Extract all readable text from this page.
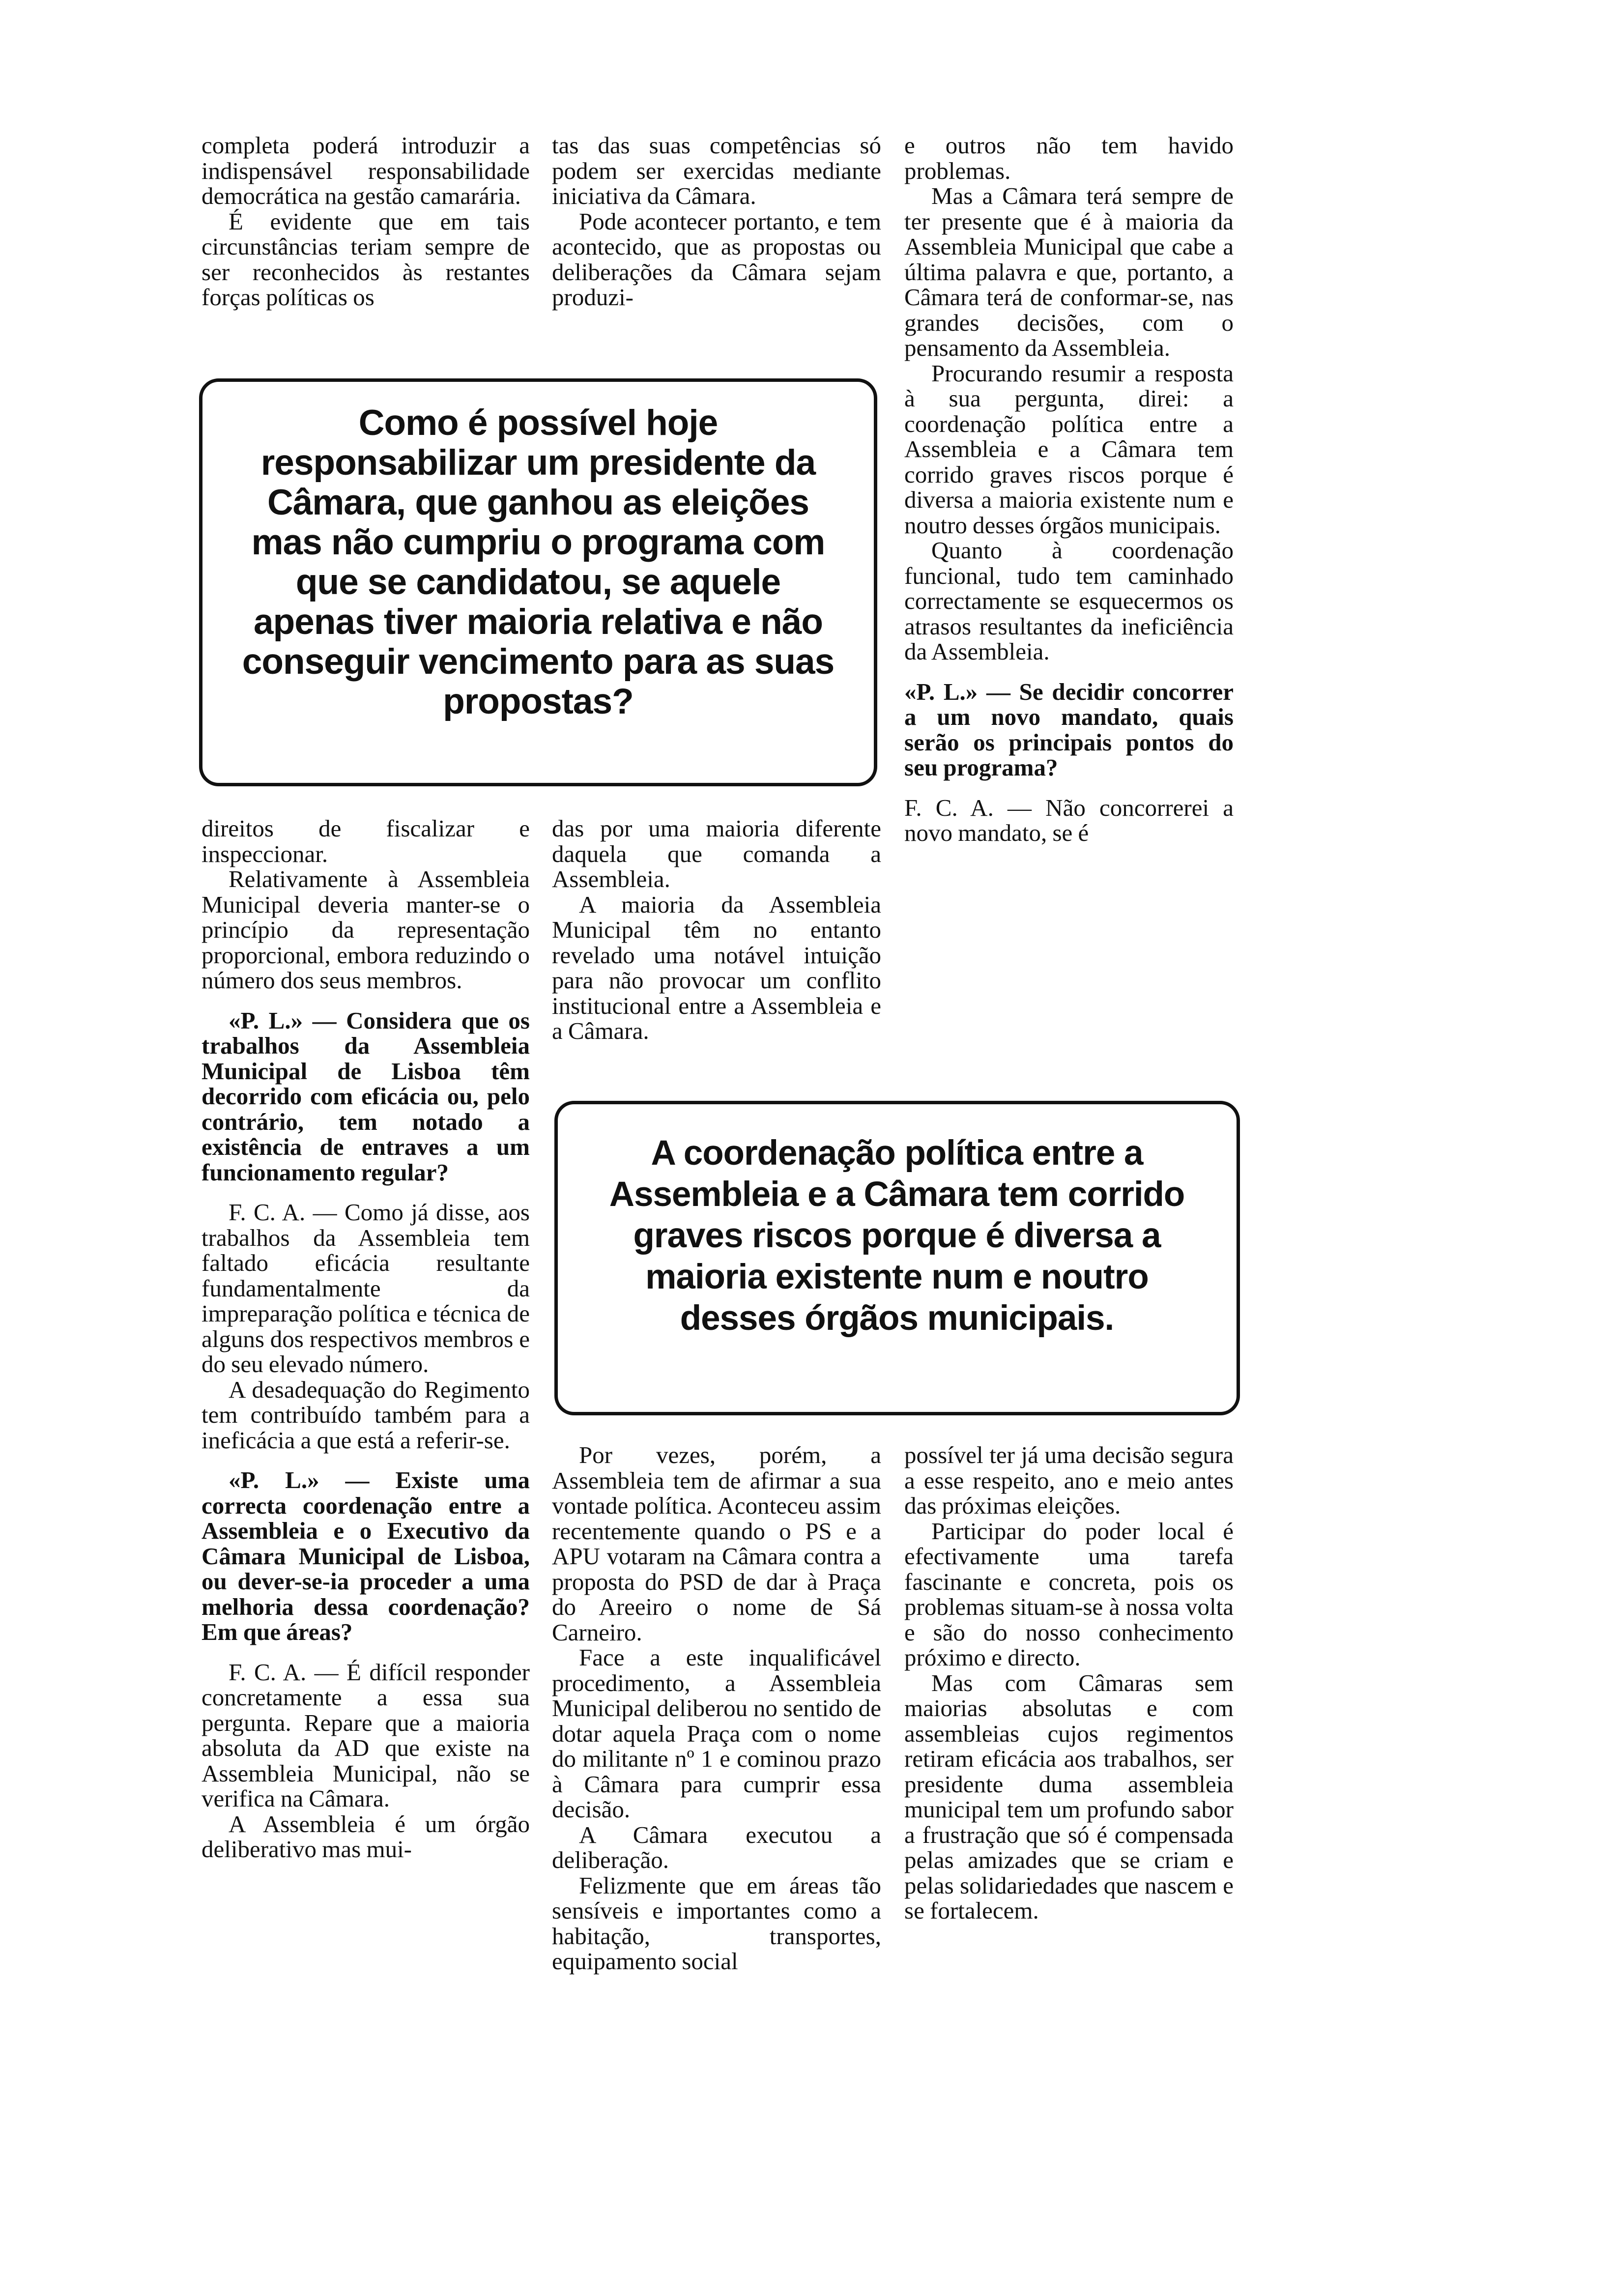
completa poderá introduzir a indispensável responsabilidade democrática na gestão camarária.

É evidente que em tais circunstâncias teriam sempre de ser reconhecidos às restantes forças políticas os

tas das suas competências só podem ser exercidas mediante iniciativa da Câmara.

Pode acontecer portanto, e tem acontecido, que as propostas ou deliberações da Câmara sejam produzi-

e outros não tem havido problemas.

Mas a Câmara terá sempre de ter presente que é à maioria da Assembleia Municipal que cabe a última palavra e que, portanto, a Câmara terá de conformar-se, nas grandes decisões, com o pensamento da Assembleia.

Procurando resumir a resposta à sua pergunta, direi: a coordenação política entre a Assembleia e a Câmara tem corrido graves riscos porque é diversa a maioria existente num e noutro desses órgãos municipais.

Quanto à coordenação funcional, tudo tem caminhado correctamente se esquecermos os atrasos resultantes da ineficiência da Assembleia.

«P. L.» — Se decidir concorrer a um novo mandato, quais serão os principais pontos do seu programa?

F. C. A. — Não concorrerei a novo mandato, se é

Como é possível hoje responsabilizar um presidente da Câmara, que ganhou as eleições mas não cumpriu o programa com que se candidatou, se aquele apenas tiver maioria relativa e não conseguir vencimento para as suas propostas?

direitos de fiscalizar e inspeccionar.

Relativamente à Assembleia Municipal deveria manter-se o princípio da representação proporcional, embora reduzindo o número dos seus membros.

«P. L.» — Considera que os trabalhos da Assembleia Municipal de Lisboa têm decorrido com eficácia ou, pelo contrário, tem notado a existência de entraves a um funcionamento regular?

F. C. A. — Como já disse, aos trabalhos da Assembleia tem faltado eficácia resultante fundamentalmente da impreparação política e técnica de alguns dos respectivos membros e do seu elevado número.

A desadequação do Regimento tem contribuído também para a ineficácia a que está a referir-se.

«P. L.» — Existe uma correcta coordenação entre a Assembleia e o Executivo da Câmara Municipal de Lisboa, ou dever-se-ia proceder a uma melhoria dessa coordenação? Em que áreas?

F. C. A. — É difícil responder concretamente a essa sua pergunta. Repare que a maioria absoluta da AD que existe na Assembleia Municipal, não se verifica na Câmara.

A Assembleia é um órgão deliberativo mas mui-

das por uma maioria diferente daquela que comanda a Assembleia.

A maioria da Assembleia Municipal têm no entanto revelado uma notável intuição para não provocar um conflito institucional entre a Assembleia e a Câmara.

A coordenação política entre a Assembleia e a Câmara tem corrido graves riscos porque é diversa a maioria existente num e noutro desses órgãos municipais.

Por vezes, porém, a Assembleia tem de afirmar a sua vontade política. Aconteceu assim recentemente quando o PS e a APU votaram na Câmara contra a proposta do PSD de dar à Praça do Areeiro o nome de Sá Carneiro.

Face a este inqualificável procedimento, a Assembleia Municipal deliberou no sentido de dotar aquela Praça com o nome do militante nº 1 e cominou prazo à Câmara para cumprir essa decisão.

A Câmara executou a deliberação.

Felizmente que em áreas tão sensíveis e importantes como a habitação, transportes, equipamento social

possível ter já uma decisão segura a esse respeito, ano e meio antes das próximas eleições.

Participar do poder local é efectivamente uma tarefa fascinante e concreta, pois os problemas situam-se à nossa volta e são do nosso conhecimento próximo e directo.

Mas com Câmaras sem maiorias absolutas e com assembleias cujos regimentos retiram eficácia aos trabalhos, ser presidente duma assembleia municipal tem um profundo sabor a frustração que só é compensada pelas amizades que se criam e pelas solidariedades que nascem e se fortalecem.
